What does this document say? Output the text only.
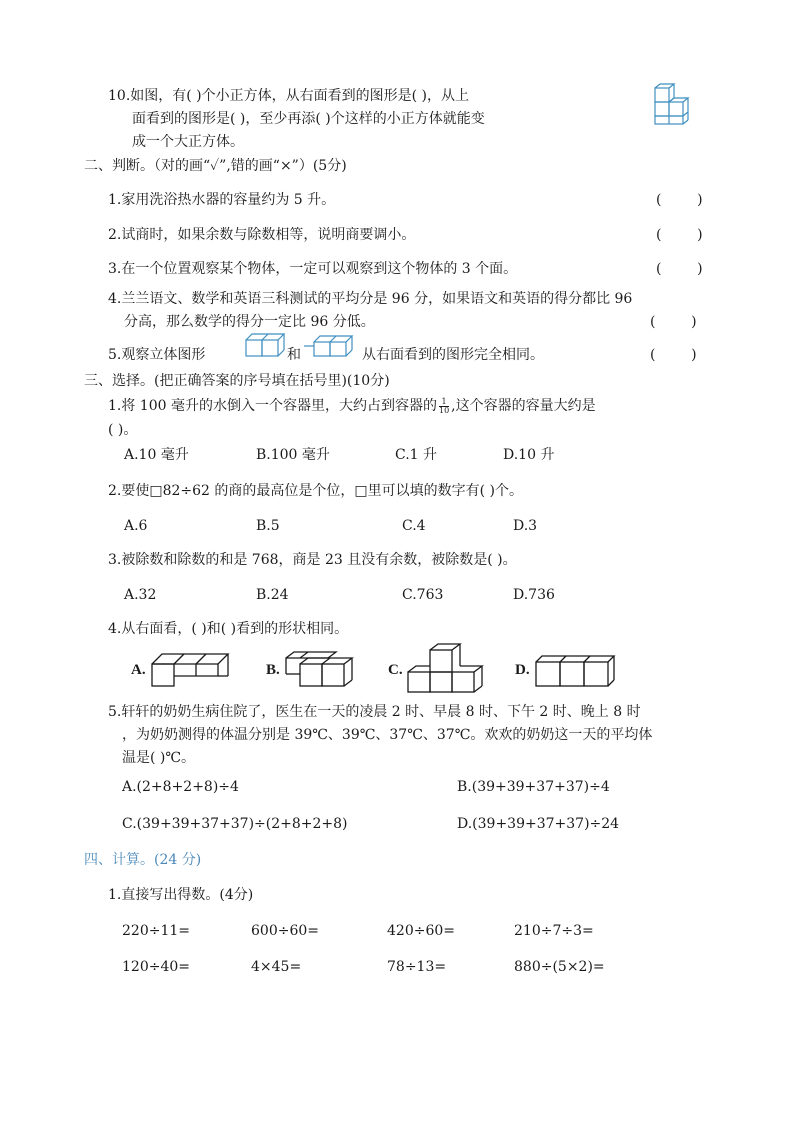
10.如图，有( )个小正方体，从右面看到的图形是( )，从上
面看到的图形是( )，至少再添( )个这样的小正方体就能变
成一个大正方体。
二、判断。（对的画“✓”,错的画“×”）(5分)
1.家用洗浴热水器的容量约为 5 升。	(        )
2.试商时，如果余数与除数相等，说明商要调小。	(        )
3.在一个位置观察某个物体，一定可以观察到这个物体的 3 个面。	(        )
4.兰兰语文、数学和英语三科测试的平均分是 96 分，如果语文和英语的得分都比 96
分高，那么数学的得分一定比 96 分低。	(        )
5.观察立体图形	和	从右面看到的图形完全相同。	(        )
三、选择。(把正确答案的序号填在括号里)(10分)
1.将 100 毫升的水倒入一个容器里，大约占到容器的 $\frac{1}{10}$ ,这个容器的容量大约是
( )。
A.10 毫升	B.100 毫升	C.1 升	D.10 升
2.要使□82÷62 的商的最高位是个位，□里可以填的数字有( )个。
A.6	B.5	C.4	D.3
3.被除数和除数的和是 768，商是 23 且没有余数，被除数是( )。
A.32	B.24	C.763	D.736
4.从右面看，( )和( )看到的形状相同。
A.	B.	C.	D.
5.轩轩的奶奶生病住院了，医生在一天的凌晨 2 时、早晨 8 时、下午 2 时、晚上 8 时
，为奶奶测得的体温分别是 39℃、39℃、37℃、37℃。欢欢的奶奶这一天的平均体
温是( )℃。
A.(2+8+2+8)÷4	B.(39+39+37+37)÷4
C.(39+39+37+37)÷(2+8+2+8)	D.(39+39+37+37)÷24
四、计算。(24 分)
1.直接写出得数。(4分)
220÷11=	600÷60=	420÷60=	210÷7÷3=
120÷40=	4×45=	78÷13=	880÷(5×2)=
